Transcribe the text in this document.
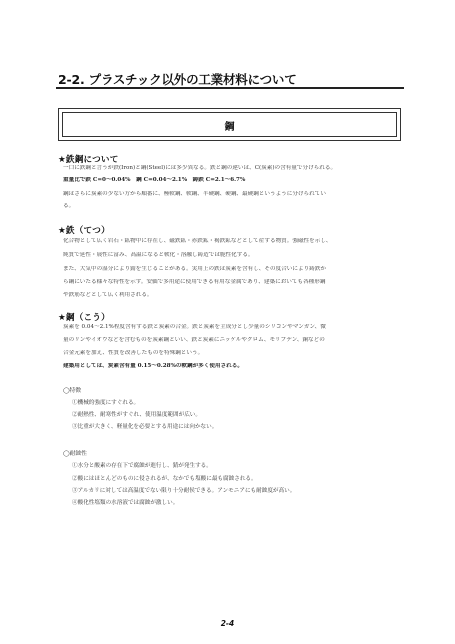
2-2. プラスチック以外の工業材料について
鋼
★鉄鋼について
一口に鉄鋼と言うが鉄(Iron)と鋼(Steel)には多少異なる。鉄と鋼の違いは、C(炭素)の含有量で分けられる。
重量比で鉄 C=0～0.04%　鋼 C=0.04～2.1%　鋳鉄 C=2.1～6.7%
鋼はさらに炭素の少ない方から順番に、極軟鋼、軟鋼、半硬鋼、硬鋼、最硬鋼というように分けられてい
る。
★鉄（てつ）
化合物として広く岩石・鉱物中に存在し、磁鉄鉱・赤鉄鉱・褐鉄鉱などとして産する物質。強磁性を示し、
純質で延性・展性に富み、高温になると軟化・溶融し鋳造では脆性化する。
また、大気中の湿分により錆を生じることがある。実用上の鉄は炭素を含有し、その度合いにより鋳鉄か
ら鋼にいたる様々な特性を示す。安価で多用途に使用できる有用な金属であり、建築においても各種形鋼
や鉄筋などとして広く利用される。
★鋼（こう）
炭素を 0.04～2.1%程度含有する鉄と炭素の合金。鉄と炭素を主成分とし少量のシリコンやマンガン、微
量のリンやイオウなどを含むものを炭素鋼といい、鉄と炭素にニッケルやクロム、モリブデン、銅などの
合金元素を加え、性質を改善したものを特殊鋼という。
建築用としては、炭素含有量 0.15～0.28%の軟鋼が多く使用される。
◯特徴
①機械的強度にすぐれる。
②耐熱性、耐寒性がすぐれ、使用温度範囲が広い。
③比重が大きく、軽量化を必要とする用途には向かない。
◯耐蝕性
①水分と酸素の存在下で腐蝕が進行し、錆が発生する。
②酸にはほとんどのものに侵されるが、なかでも塩酸に最も腐蝕される。
③アルカリに対しては高温度でない限り十分耐侯できる。アンモニアにも耐蝕度が高い。
④酸化性塩類の水溶液では腐蝕が激しい。
2-4
